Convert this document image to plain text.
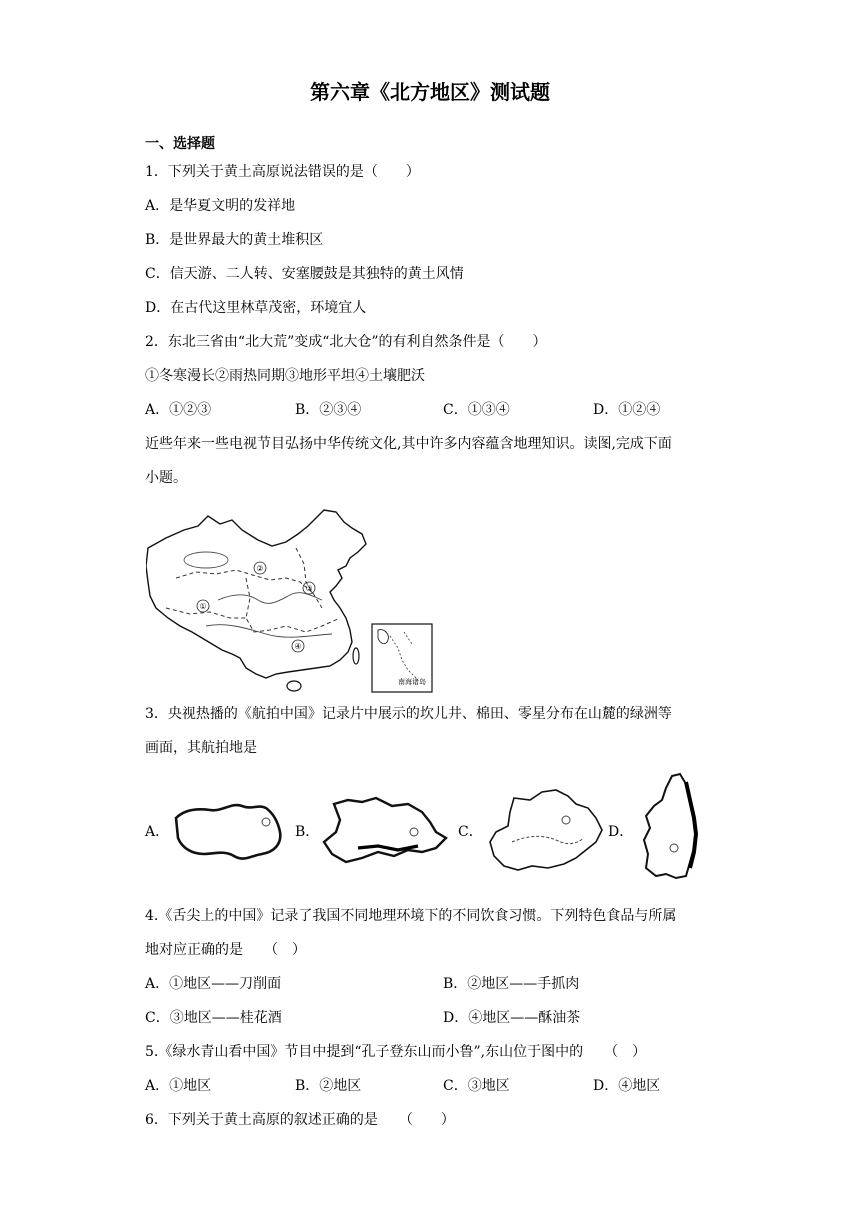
第六章《北方地区》测试题
一、选择题
1．下列关于黄土高原说法错误的是（　　）
A．是华夏文明的发祥地
B．是世界最大的黄土堆积区
C．信天游、二人转、安塞腰鼓是其独特的黄土风情
D．在古代这里林草茂密，环境宜人
2．东北三省由“北大荒”变成“北大仓”的有利自然条件是（　　）
①冬寒漫长②雨热同期③地形平坦④土壤肥沃
A．①②③	B．②③④	C．①③④	D．①②④
近些年来一些电视节目弘扬中华传统文化,其中许多内容蕴含地理知识。读图,完成下面
小题。
①
②
③
④
南海诸岛
3．央视热播的《航拍中国》记录片中展示的坎儿井、棉田、零星分布在山麓的绿洲等
画面，其航拍地是
A．	B．	C．	D．
4.《舌尖上的中国》记录了我国不同地理环境下的不同饮食习惯。下列特色食品与所属
地对应正确的是　　（　）
A．①地区——刀削面	B．②地区——手抓肉
C．③地区——桂花酒	D．④地区——酥油茶
5.《绿水青山看中国》节目中提到“孔子登东山而小鲁”,东山位于图中的　　（　）
A．①地区	B．②地区	C．③地区	D．④地区
6．下列关于黄土高原的叙述正确的是　　（　　）
